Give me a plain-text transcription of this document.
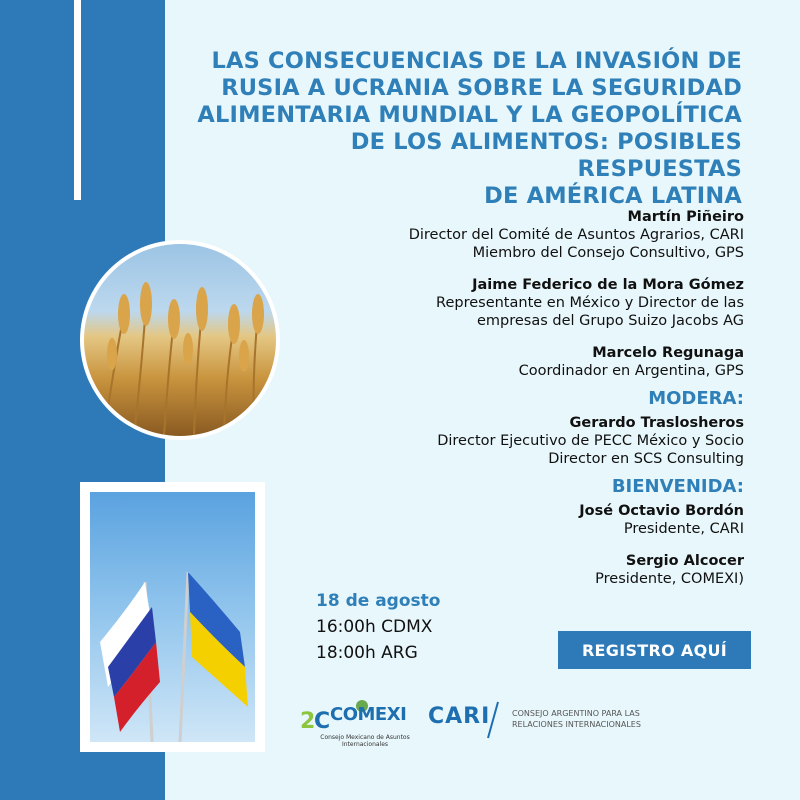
LAS CONSECUENCIAS DE LA INVASIÓN DE
RUSIA A UCRANIA SOBRE LA SEGURIDAD
ALIMENTARIA MUNDIAL Y LA GEOPOLÍTICA
DE LOS ALIMENTOS: POSIBLES RESPUESTAS
DE AMÉRICA LATINA
Martín Piñeiro
Director del Comité de Asuntos Agrarios, CARI
Miembro del Consejo Consultivo, GPS
Jaime Federico de la Mora Gómez
Representante en México y Director de las
empresas del Grupo Suizo Jacobs AG
Marcelo Regunaga
Coordinador en Argentina, GPS
MODERA:
Gerardo Traslosheros
Director Ejecutivo de PECC México y Socio
Director en SCS Consulting
BIENVENIDA:
José Octavio Bordón
Presidente, CARI
Sergio Alcocer
Presidente, COMEXI)
18 de agosto
16:00h CDMX
18:00h ARG	REGISTRO AQUÍ
2
C COMEXI
Consejo Mexicano de Asuntos Internacionales
CARI	CONSEJO ARGENTINO PARA LAS
RELACIONES INTERNACIONALES
